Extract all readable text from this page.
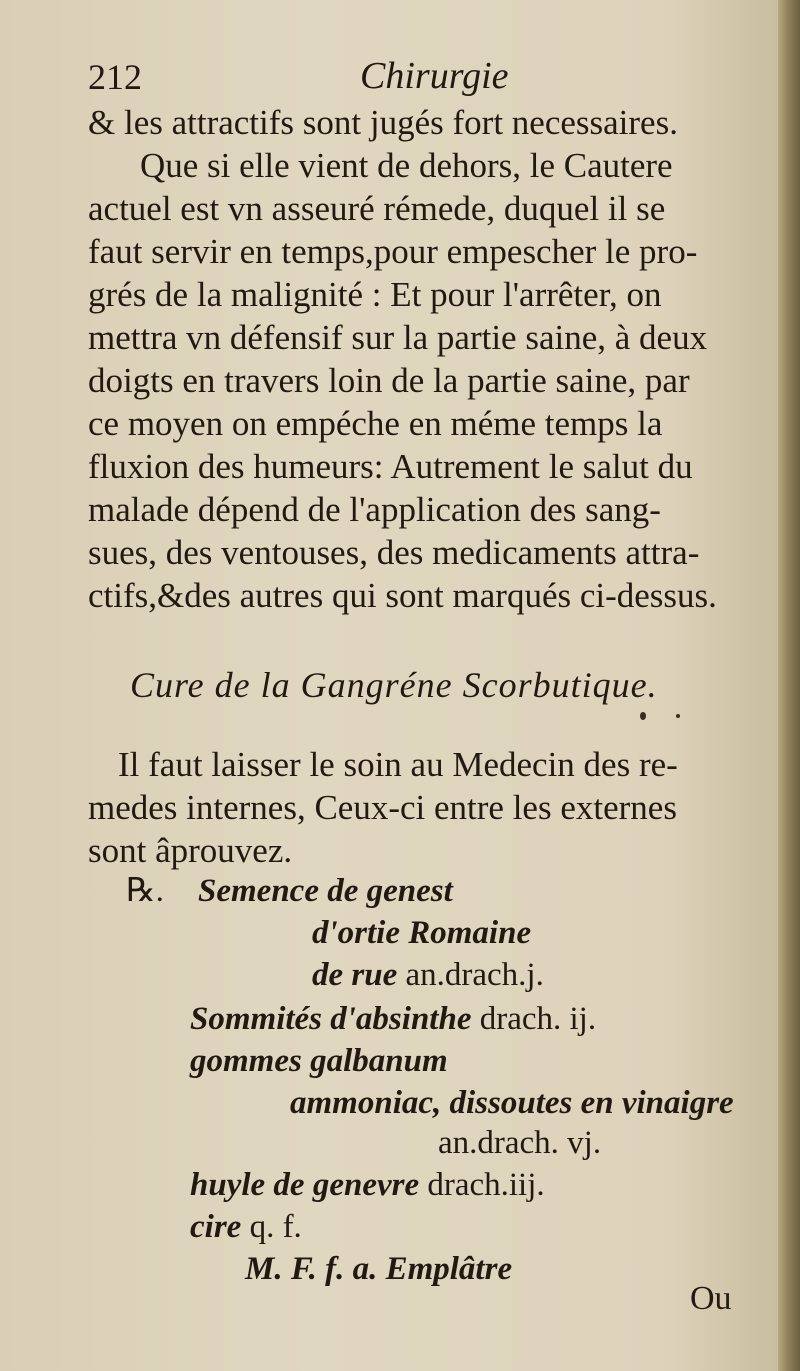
212	Chirurgie
& les attractifs sont jugés fort necessaires.
Que si elle vient de dehors, le Cautere
actuel est vn asseuré rémede, duquel il se
faut servir en temps,pour empescher le pro-
grés de la malignité : Et pour l'arrêter, on
mettra vn défensif sur la partie saine, à deux
doigts en travers loin de la partie saine, par
ce moyen on empéche en méme temps la
fluxion des humeurs: Autrement le salut du
malade dépend de l'application des sang-
sues, des ventouses, des medicaments attra-
ctifs,&des autres qui sont marqués ci-dessus.
Cure de la Gangréne Scorbutique.
Il faut laisser le soin au Medecin des re-
medes internes, Ceux-ci entre les externes
sont âprouvez.
℞. Semence de genest
d'ortie Romaine
de rue an.drach.j.
Sommités d'absinthe drach. ij.
gommes galbanum
ammoniac, dissoutes en vinaigre
an.drach. vj.
huyle de genevre drach.iij.
cire q. f.
M. F. f. a. Emplâtre
Ou
